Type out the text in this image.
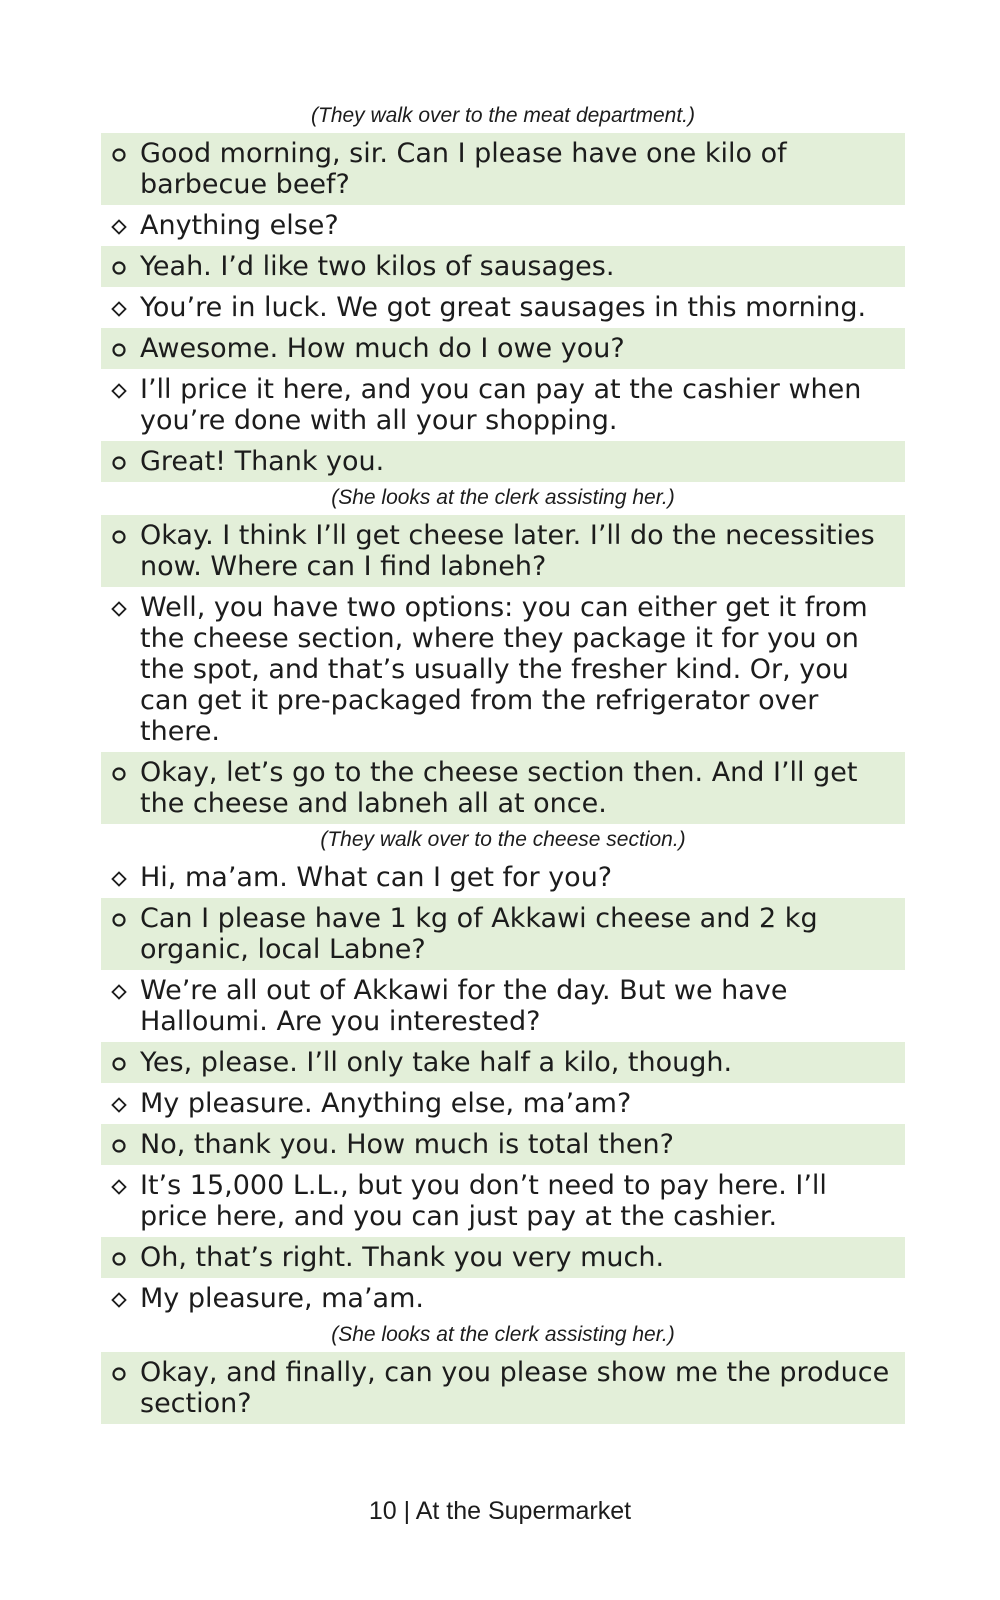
(They walk over to the meat department.)
Good morning, sir. Can I please have one kilo of barbecue beef?
Anything else?
Yeah. I’d like two kilos of sausages.
You’re in luck. We got great sausages in this morning.
Awesome. How much do I owe you?
I’ll price it here, and you can pay at the cashier when you’re done with all your shopping.
Great! Thank you.
(She looks at the clerk assisting her.)
Okay. I think I’ll get cheese later. I’ll do the necessities now. Where can I find labneh?
Well, you have two options: you can either get it from the cheese section, where they package it for you on the spot, and that’s usually the fresher kind. Or, you can get it pre-packaged from the refrigerator over there.
Okay, let’s go to the cheese section then. And I’ll get the cheese and labneh all at once.
(They walk over to the cheese section.)
Hi, ma’am. What can I get for you?
Can I please have 1 kg of Akkawi cheese and 2 kg organic, local Labne?
We’re all out of Akkawi for the day. But we have Halloumi. Are you interested?
Yes, please. I’ll only take half a kilo, though.
My pleasure. Anything else, ma’am?
No, thank you. How much is total then?
It’s 15,000 L.L., but you don’t need to pay here. I’ll price here, and you can just pay at the cashier.
Oh, that’s right. Thank you very much.
My pleasure, ma’am.
(She looks at the clerk assisting her.)
Okay, and finally, can you please show me the produce section?
10 | At the Supermarket
